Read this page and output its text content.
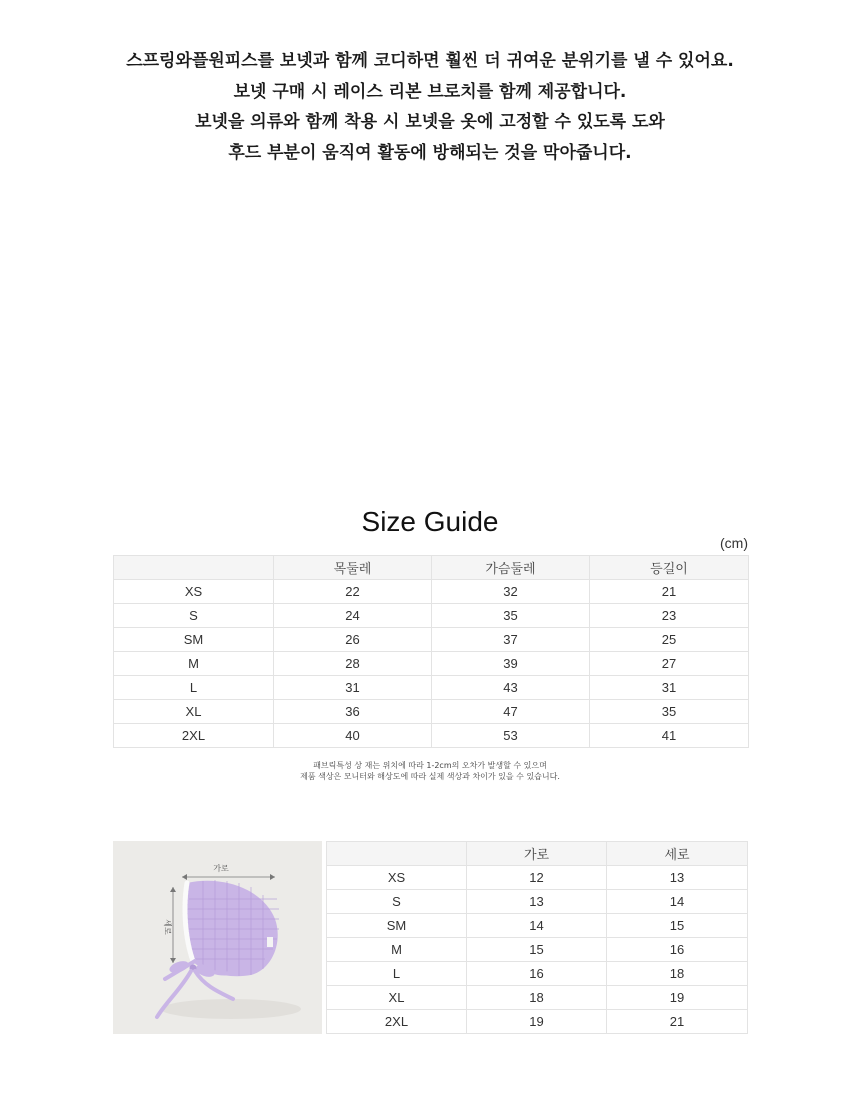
스프링와플원피스를 보넷과 함께 코디하면 훨씬 더 귀여운 분위기를 낼 수 있어요.

보넷 구매 시 레이스 리본 브로치를 함께 제공합니다.

보넷을 의류와 함께 착용 시 보넷을 옷에 고정할 수 있도록 도와

후드 부분이 움직여 활동에 방해되는 것을 막아줍니다.

Size Guide
(cm)
	목둘레	가슴둘레	등길이
XS	22	32	21
S	24	35	23
SM	26	37	25
M	28	39	27
L	31	43	31
XL	36	47	35
2XL	40	53	41

패브릭특성 상 재는 위치에 따라 1-2cm의 오차가 발생할 수 있으며

제품 색상은 모니터와 해상도에 따라 실제 색상과 차이가 있을 수 있습니다.

가로
세로
	가로	세로
XS	12	13
S	13	14
SM	14	15
M	15	16
L	16	18
XL	18	19
2XL	19	21
